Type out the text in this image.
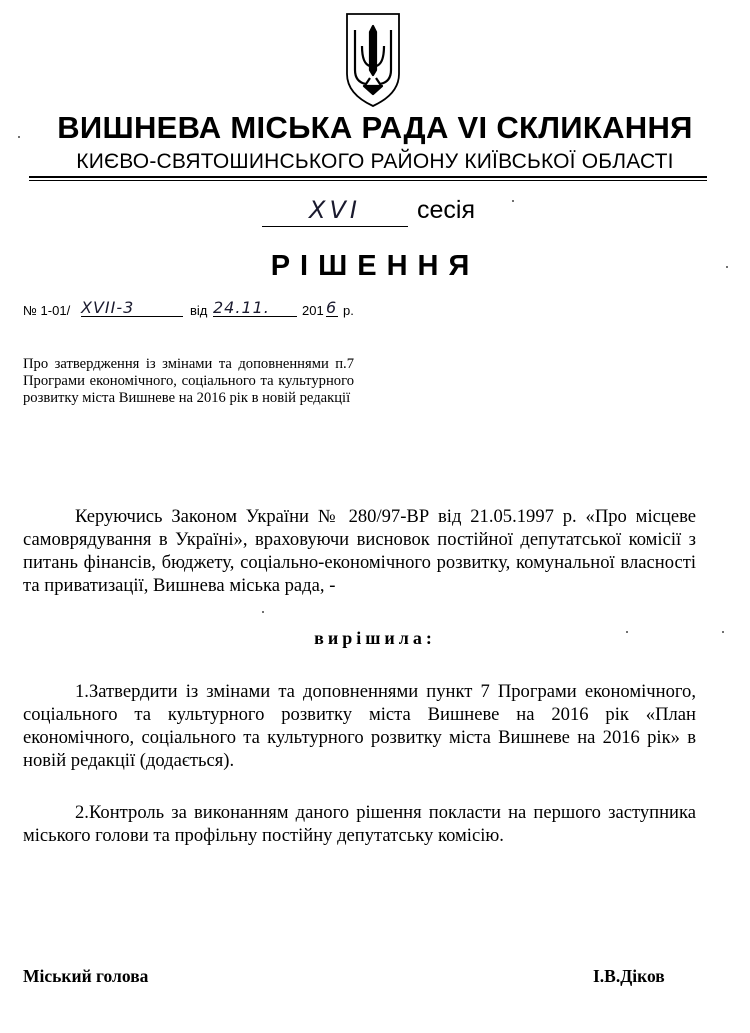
ВИШНЕВА МІСЬКА РАДА VI СКЛИКАННЯ
КИЄВО-СВЯТОШИНСЬКОГО РАЙОНУ КИЇВСЬКОЇ ОБЛАСТІ
XVI	сесія
РІШЕННЯ
№ 1-01/ XVII-3	від 24.11.	201 6 р.
Про затвердження із змінами та доповненнями п.7 Програми економічного, соціального та культурного розвитку міста Вишневе на 2016 рік в новій редакції
Керуючись Законом України № 280/97-ВР від 21.05.1997 р. «Про місцеве самоврядування в Україні», враховуючи висновок постійної депутатської комісії з питань фінансів, бюджету, соціально-економічного розвитку, комунальної власності та приватизації, Вишнева міська рада, -
вирішила:
1.Затвердити із змінами та доповненнями пункт 7 Програми економічного, соціального та культурного розвитку міста Вишневе на 2016 рік «План економічного, соціального та культурного розвитку міста Вишневе на 2016 рік» в новій редакції (додається).
2.Контроль за виконанням даного рішення покласти на першого заступника міського голови та профільну постійну депутатську комісію.
Міський голова	І.В.Діков
